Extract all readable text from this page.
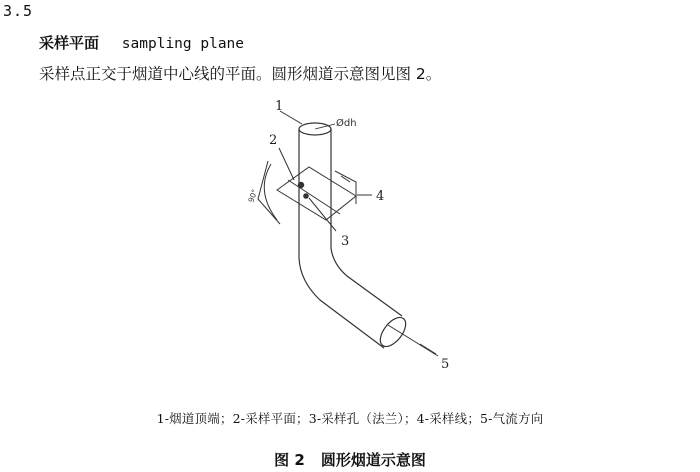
3.5
采样平面 sampling plane
采样点正交于烟道中心线的平面。圆形烟道示意图见图 2。
1
2
3
4
5
Ødh
90°
1-烟道顶端；2-采样平面；3-采样孔（法兰）；4-采样线；5-气流方向
图 2 圆形烟道示意图
